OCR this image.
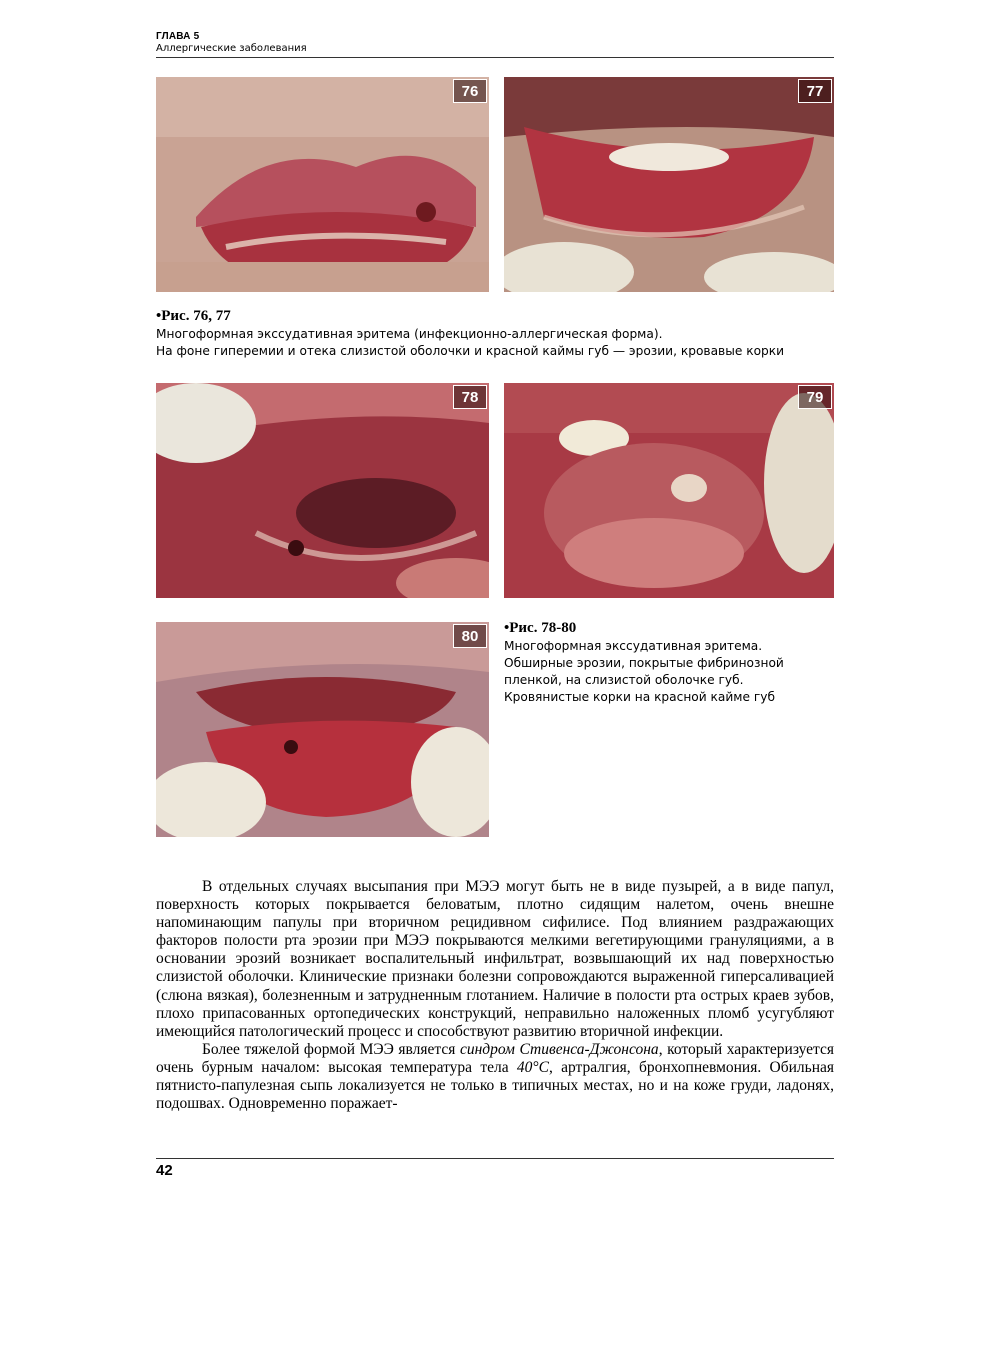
ГЛАВА 5
Аллергические заболевания
76	77
•Рис. 76, 77
Многоформная экссудативная эритема (инфекционно-аллергическая форма).
На фоне гиперемии и отека слизистой оболочки и красной каймы губ — эрозии, кровавые корки
78	79
80	•Рис. 78-80
Многоформная экссудативная эритема.
Обширные эрозии, покрытые фибринозной
пленкой, на слизистой оболочке губ.
Кровянистые корки на красной кайме губ

В отдельных случаях высыпания при МЭЭ могут быть не в виде пузырей, а в виде папул, поверхность которых покрывается беловатым, плотно сидящим налетом, очень внешне напоминающим папулы при вторичном рецидивном сифилисе. Под влиянием раздражающих факторов полости рта эрозии при МЭЭ покрываются мелкими вегетирующими грануляциями, а в основании эрозий возникает воспалительный инфильтрат, возвышающий их над поверхностью слизистой оболочки. Клинические признаки болезни сопровождаются выраженной гиперсаливацией (слюна вязкая), болезненным и затрудненным глотанием. Наличие в полости рта острых краев зубов, плохо припасованных ортопедических конструкций, неправильно наложенных пломб усугубляют имеющийся патологический процесс и способствуют развитию вторичной инфекции.

Более тяжелой формой МЭЭ является синдром Стивенса-Джонсона, который характеризуется очень бурным началом: высокая температура тела 40°С, артралгия, бронхопневмония. Обильная пятнисто-папулезная сыпь локализуется не только в типичных местах, но и на коже груди, ладонях, подошвах. Одновременно поражает-

42
